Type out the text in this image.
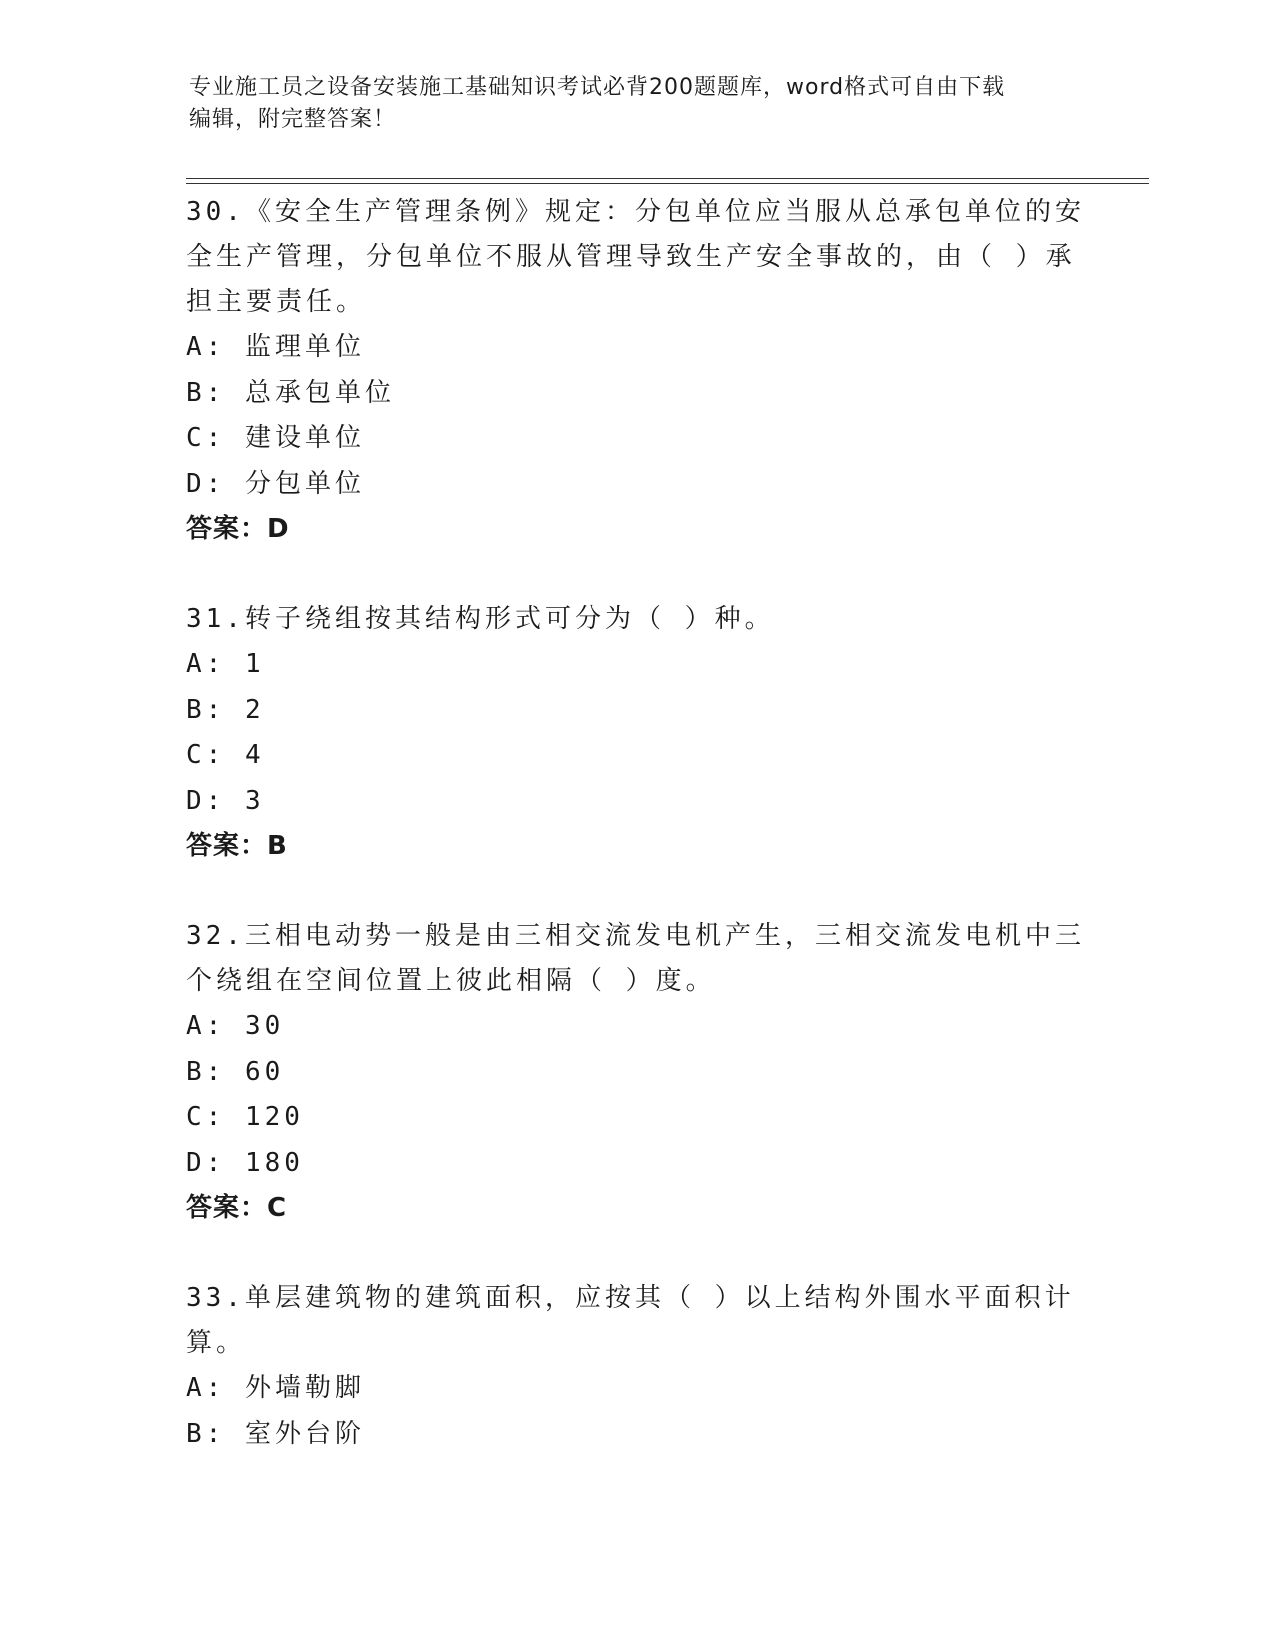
专业施工员之设备安装施工基础知识考试必背200题题库，word格式可自由下载
编辑，附完整答案！
30.《安全生产管理条例》规定：分包单位应当服从总承包单位的安全生产管理，分包单位不服从管理导致生产安全事故的，由（ ）承担主要责任。
A: 监理单位
B: 总承包单位
C: 建设单位
D: 分包单位
答案：D
31.转子绕组按其结构形式可分为（ ）种。
A: 1
B: 2
C: 4
D: 3
答案：B
32.三相电动势一般是由三相交流发电机产生，三相交流发电机中三个绕组在空间位置上彼此相隔（ ）度。
A: 30
B: 60
C: 120
D: 180
答案：C
33.单层建筑物的建筑面积，应按其（ ）以上结构外围水平面积计算。
A: 外墙勒脚
B: 室外台阶
